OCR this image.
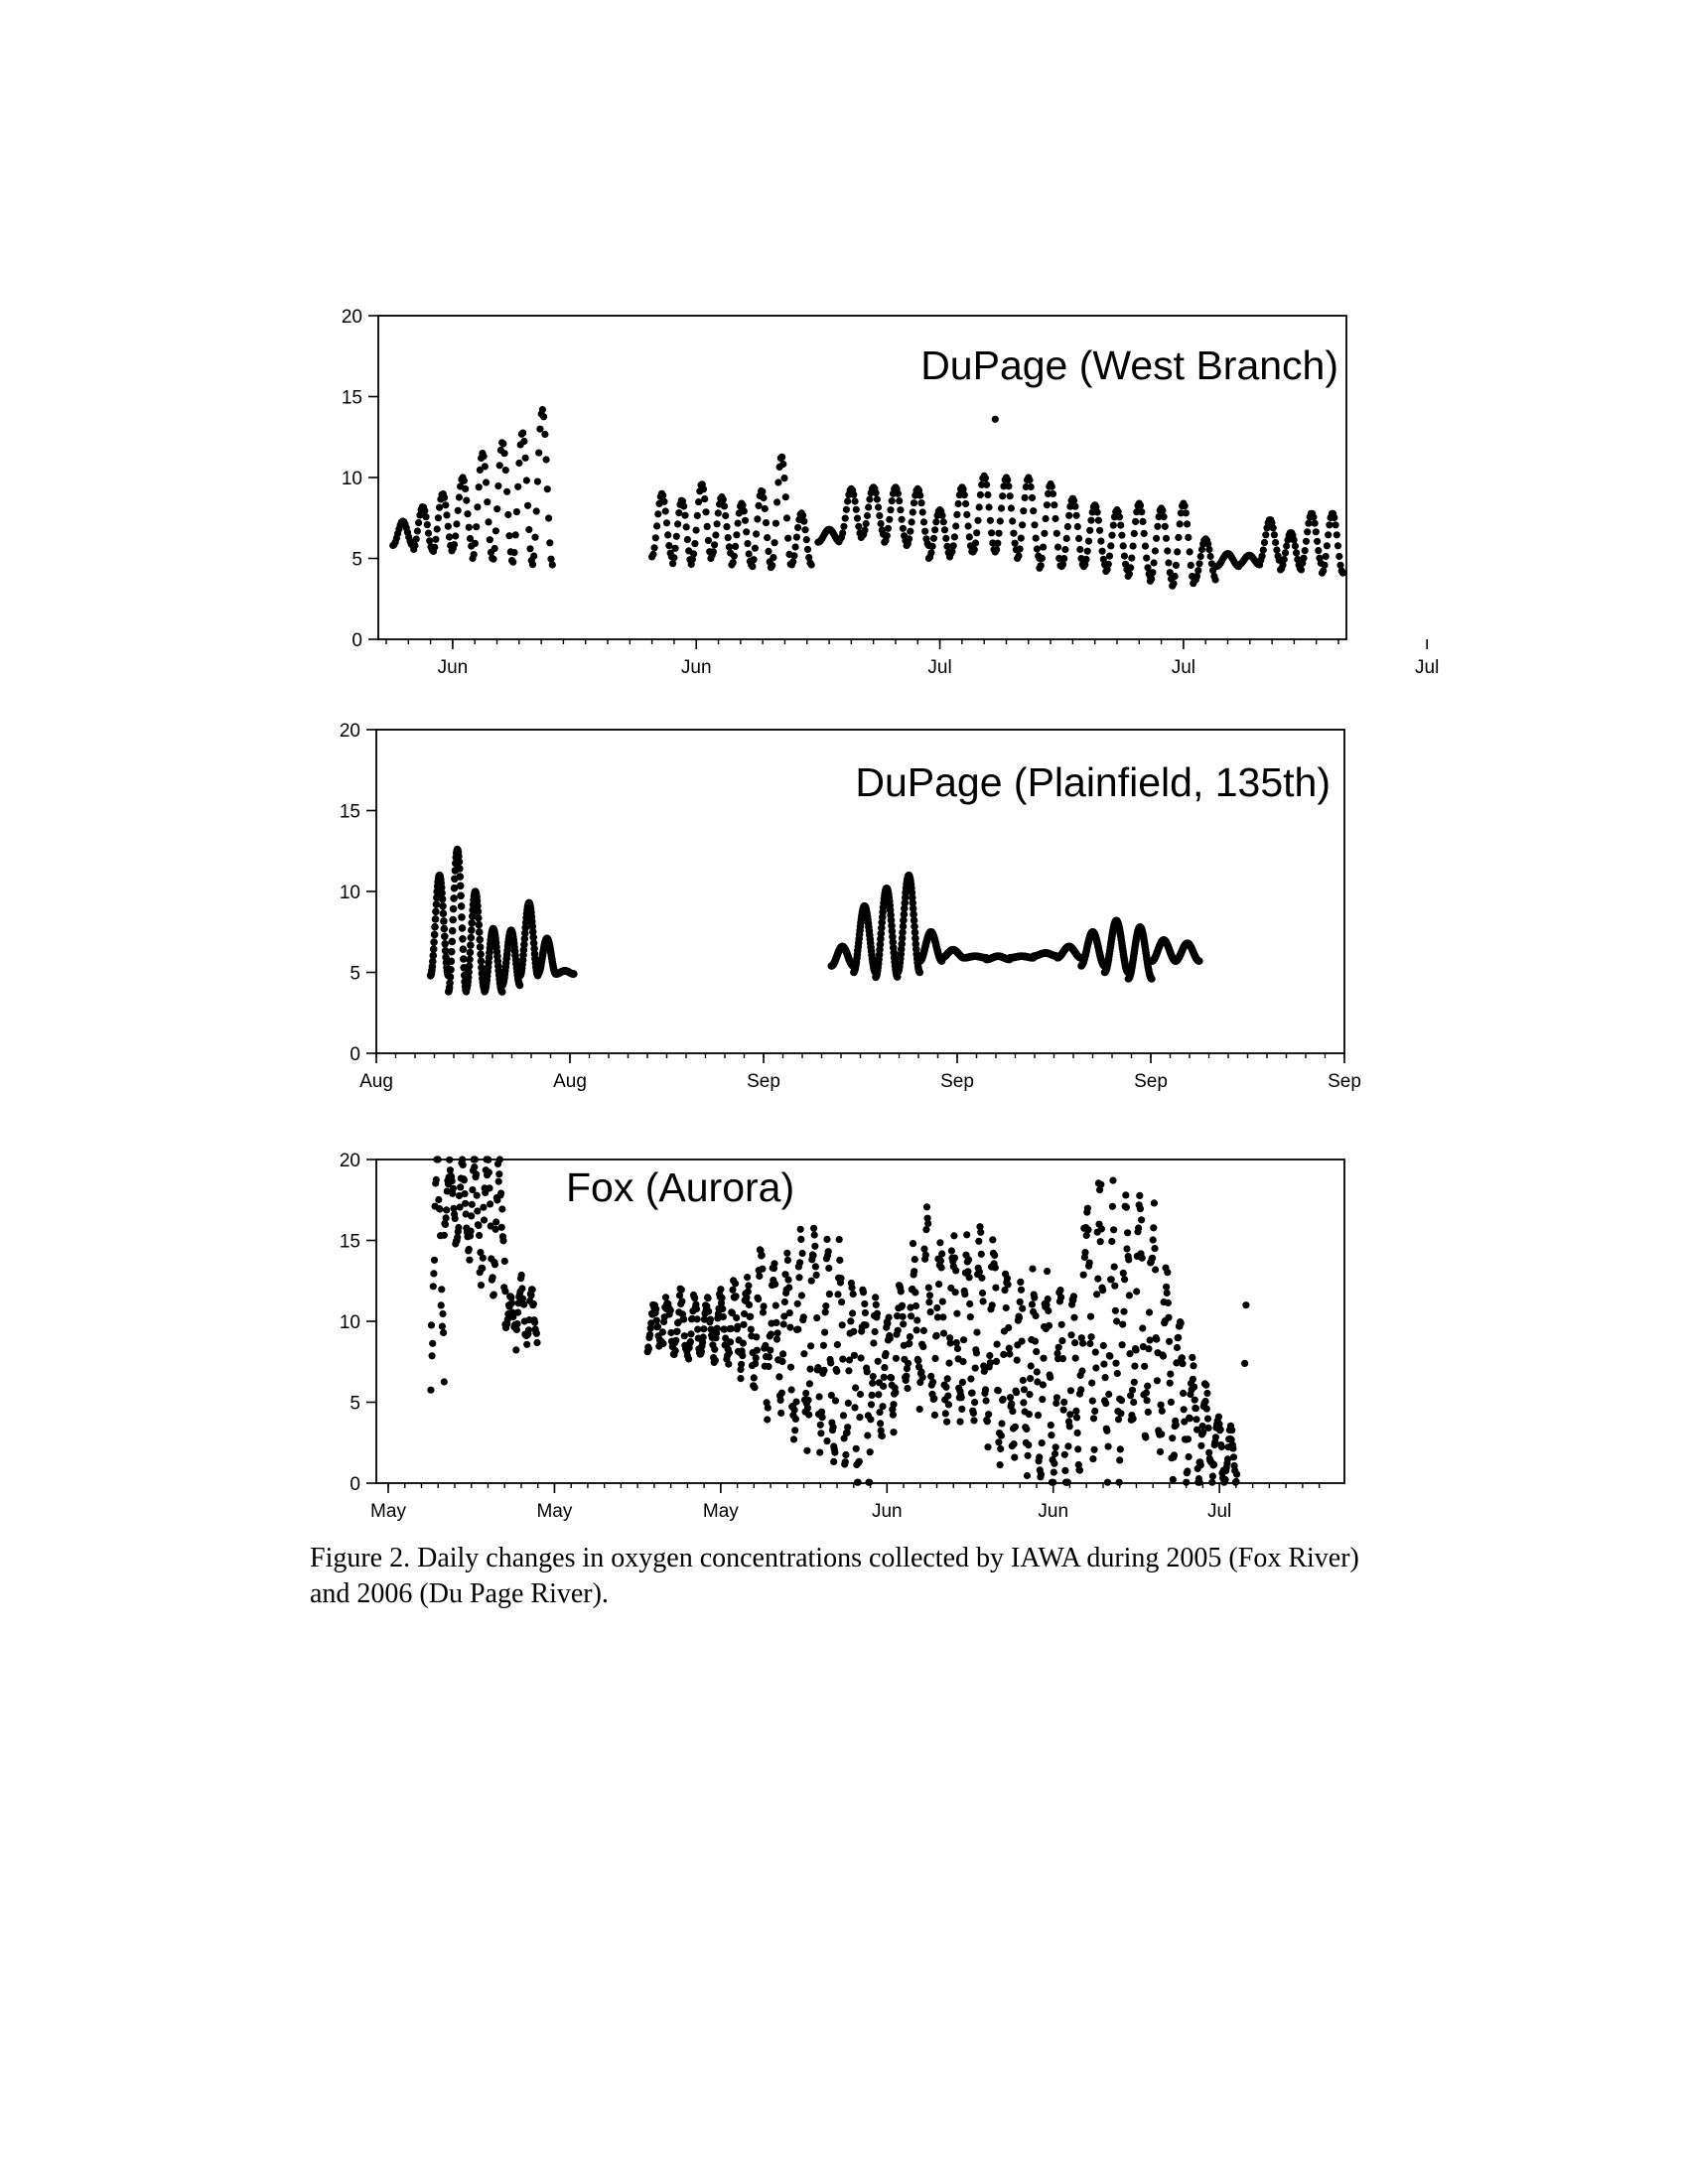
0
5
10
15
20
Jun	Jun	Jul	Jul	Jul
DuPage (West Branch)
0
5
10
15
20
Aug	Aug	Sep	Sep	Sep	Sep
DuPage (Plainfield, 135th)
0
5
10
15
20
May	May	May	Jun	Jun	Jul
Fox (Aurora)
Figure 2. Daily changes in oxygen concentrations collected by IAWA during 2005 (Fox River) and 2006 (Du Page River).
